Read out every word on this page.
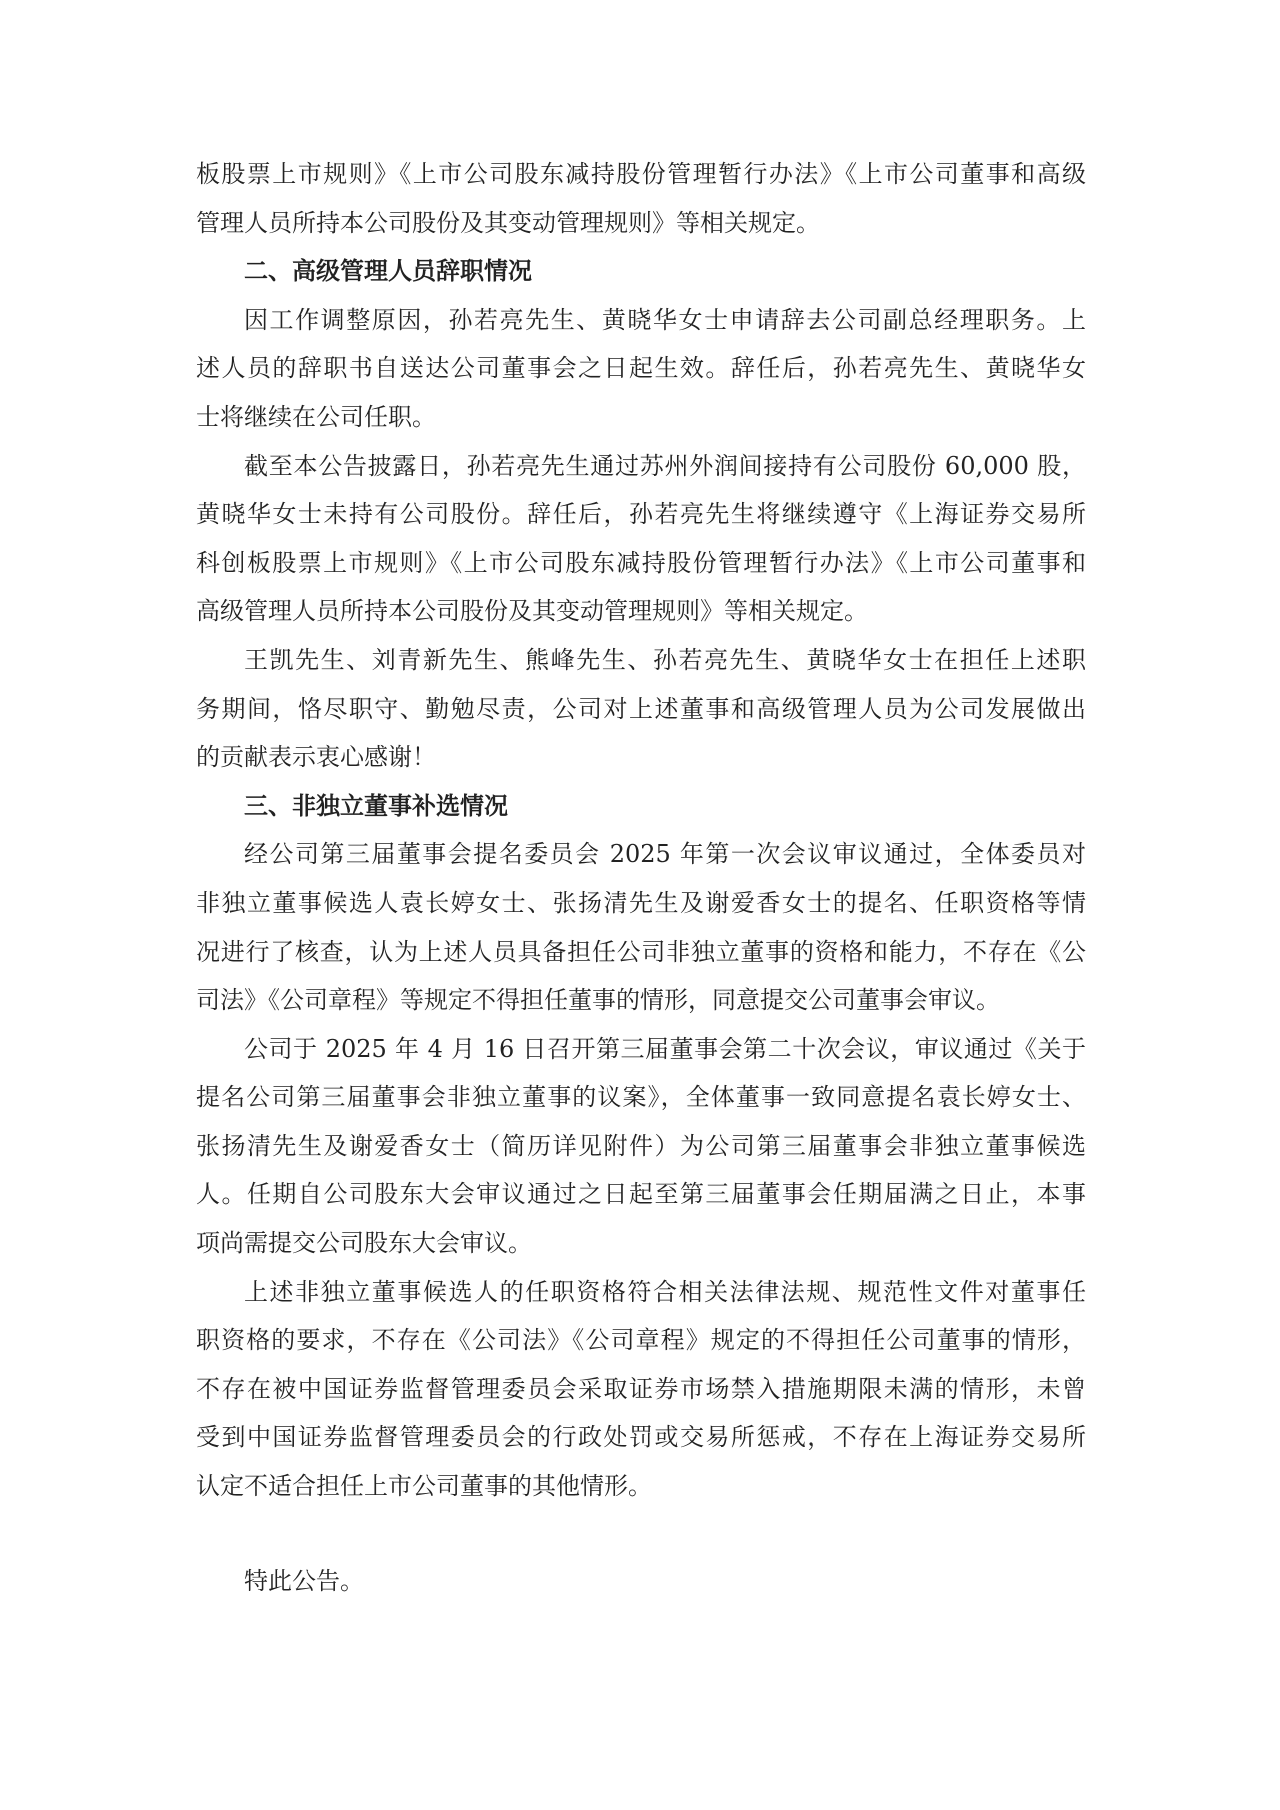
板股票上市规则》《上市公司股东减持股份管理暂行办法》《上市公司董事和高级
管理人员所持本公司股份及其变动管理规则》等相关规定。
二、高级管理人员辞职情况
因工作调整原因，孙若亮先生、黄晓华女士申请辞去公司副总经理职务。上
述人员的辞职书自送达公司董事会之日起生效。辞任后，孙若亮先生、黄晓华女
士将继续在公司任职。
截至本公告披露日，孙若亮先生通过苏州外润间接持有公司股份 60,000 股，
黄晓华女士未持有公司股份。辞任后，孙若亮先生将继续遵守《上海证券交易所
科创板股票上市规则》《上市公司股东减持股份管理暂行办法》《上市公司董事和
高级管理人员所持本公司股份及其变动管理规则》等相关规定。
王凯先生、刘青新先生、熊峰先生、孙若亮先生、黄晓华女士在担任上述职
务期间，恪尽职守、勤勉尽责，公司对上述董事和高级管理人员为公司发展做出
的贡献表示衷心感谢！
三、非独立董事补选情况
经公司第三届董事会提名委员会 2025 年第一次会议审议通过，全体委员对
非独立董事候选人袁长婷女士、张扬清先生及谢爱香女士的提名、任职资格等情
况进行了核查，认为上述人员具备担任公司非独立董事的资格和能力，不存在《公
司法》《公司章程》等规定不得担任董事的情形，同意提交公司董事会审议。
公司于 2025 年 4 月 16 日召开第三届董事会第二十次会议，审议通过《关于
提名公司第三届董事会非独立董事的议案》，全体董事一致同意提名袁长婷女士、
张扬清先生及谢爱香女士（简历详见附件）为公司第三届董事会非独立董事候选
人。任期自公司股东大会审议通过之日起至第三届董事会任期届满之日止，本事
项尚需提交公司股东大会审议。
上述非独立董事候选人的任职资格符合相关法律法规、规范性文件对董事任
职资格的要求，不存在《公司法》《公司章程》规定的不得担任公司董事的情形，
不存在被中国证券监督管理委员会采取证券市场禁入措施期限未满的情形，未曾
受到中国证券监督管理委员会的行政处罚或交易所惩戒，不存在上海证券交易所
认定不适合担任上市公司董事的其他情形。
特此公告。
